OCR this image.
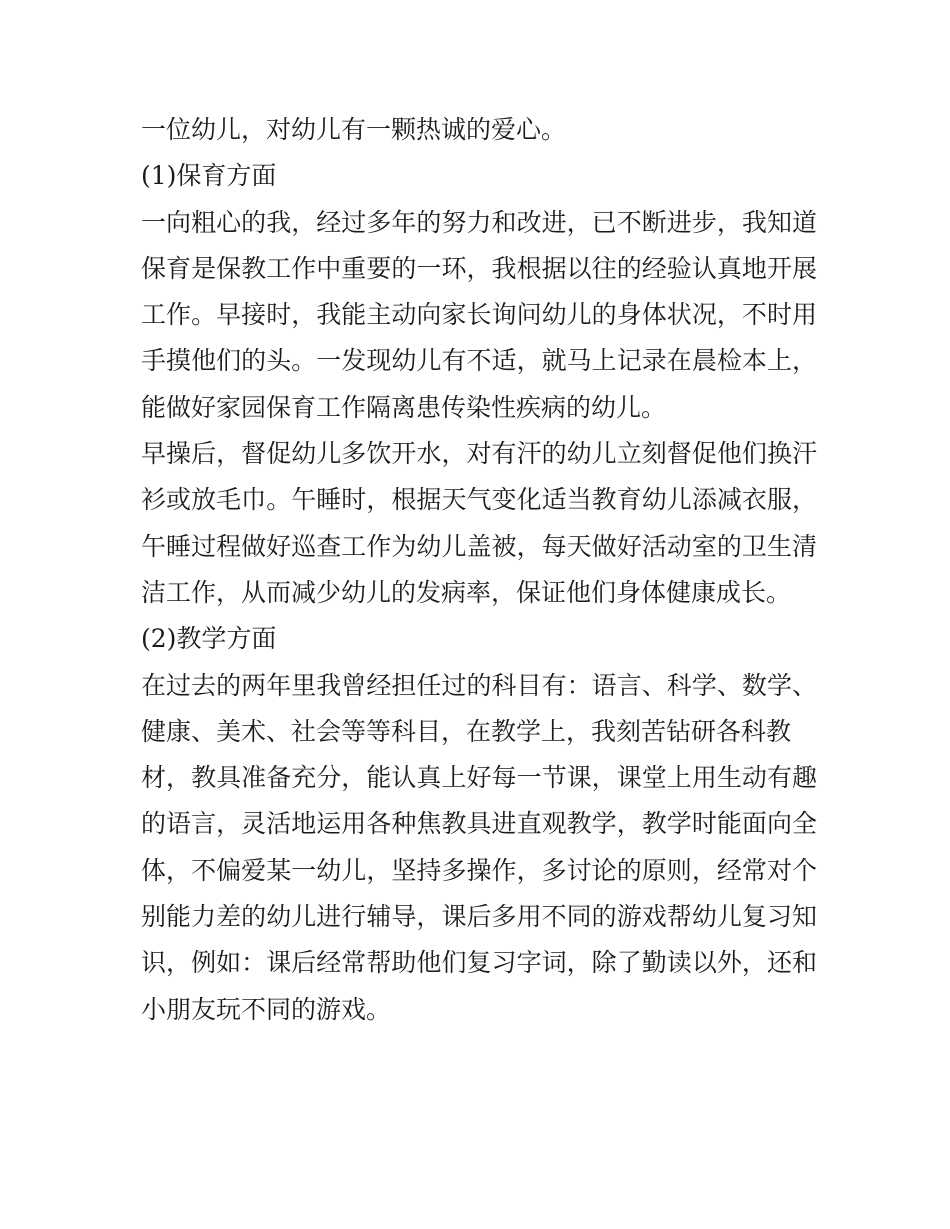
一位幼儿，对幼儿有一颗热诚的爱心。
(1)保育方面
一向粗心的我，经过多年的努力和改进，已不断进步，我知道
保育是保教工作中重要的一环，我根据以往的经验认真地开展
工作。早接时，我能主动向家长询问幼儿的身体状况，不时用
手摸他们的头。一发现幼儿有不适，就马上记录在晨检本上，
能做好家园保育工作隔离患传染性疾病的幼儿。
早操后，督促幼儿多饮开水，对有汗的幼儿立刻督促他们换汗
衫或放毛巾。午睡时，根据天气变化适当教育幼儿添减衣服，
午睡过程做好巡查工作为幼儿盖被，每天做好活动室的卫生清
洁工作，从而减少幼儿的发病率，保证他们身体健康成长。
(2)教学方面
在过去的两年里我曾经担任过的科目有：语言、科学、数学、
健康、美术、社会等等科目，在教学上，我刻苦钻研各科教
材，教具准备充分，能认真上好每一节课，课堂上用生动有趣
的语言，灵活地运用各种焦教具进直观教学，教学时能面向全
体，不偏爱某一幼儿，坚持多操作，多讨论的原则，经常对个
别能力差的幼儿进行辅导，课后多用不同的游戏帮幼儿复习知
识，例如：课后经常帮助他们复习字词，除了勤读以外，还和
小朋友玩不同的游戏。
